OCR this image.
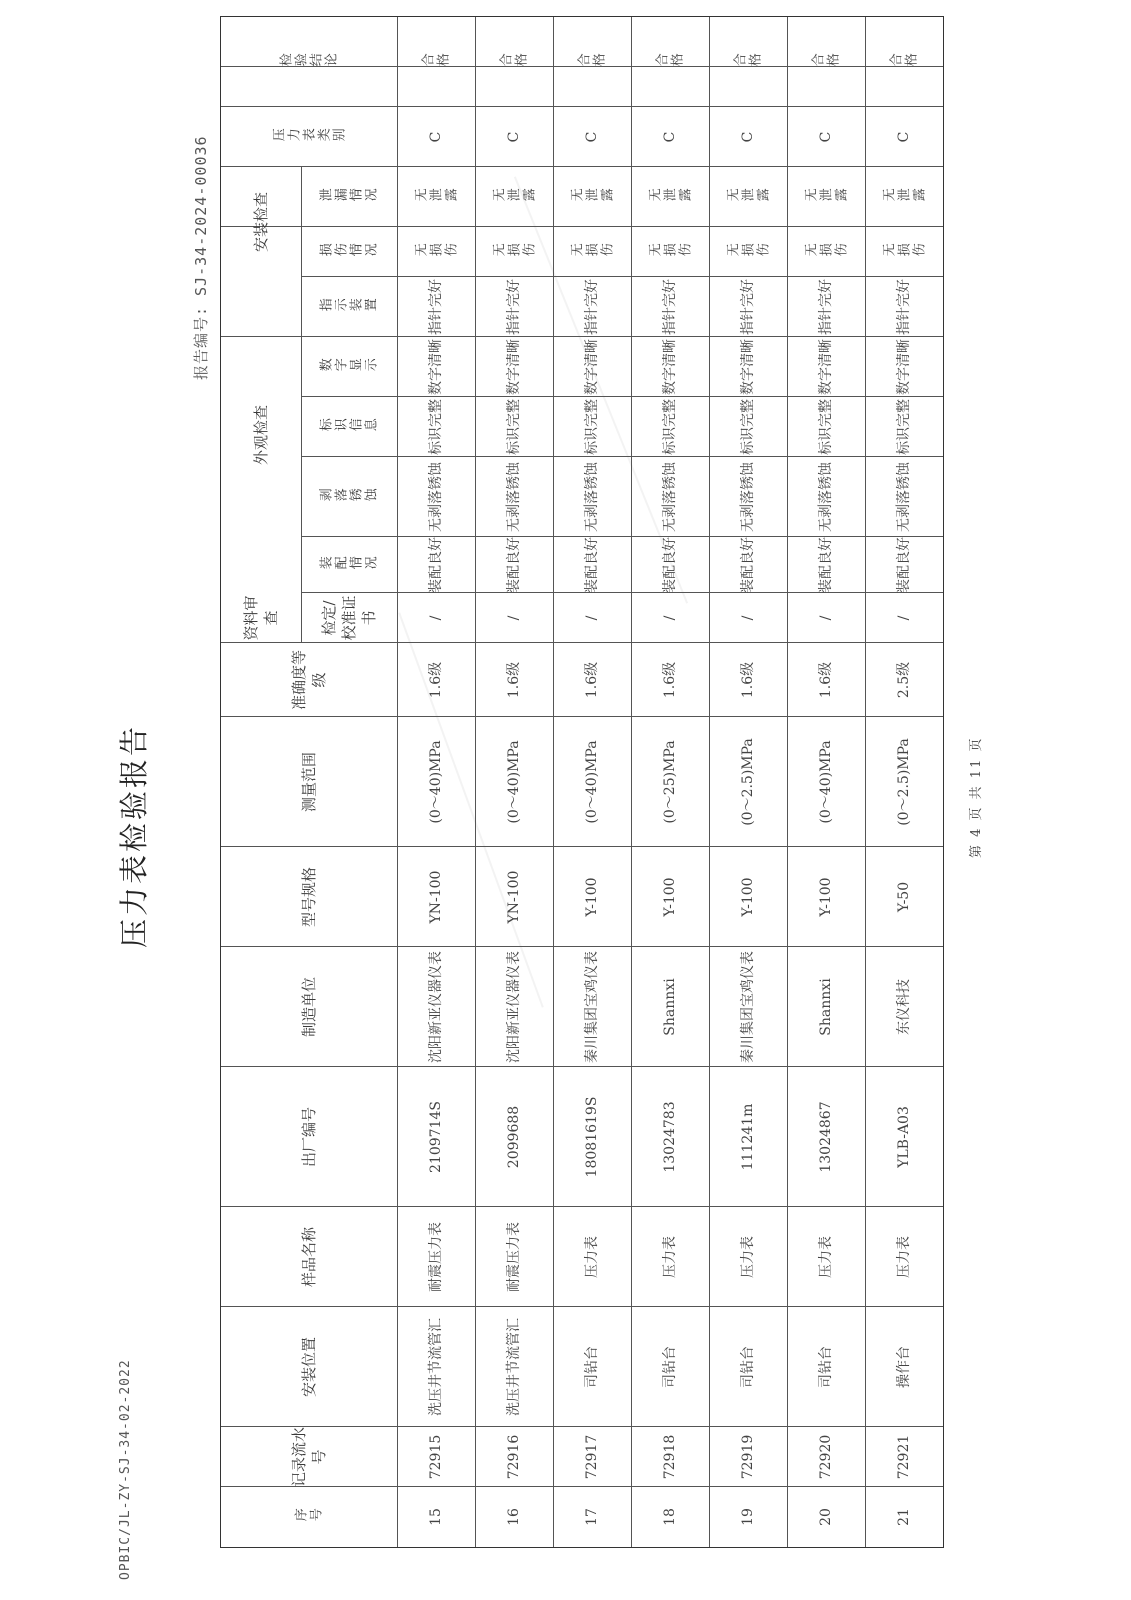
OPBIC/JL-ZY-SJ-34-02-2022
压力表检验报告
报告编号: SJ-34-2024-00036
第 4 页 共 11 页
序号
记录流水号
安装位置
样品名称
出厂编号
制造单位
型号规格
测量范围
准确度等级
资料审查	检定/校准证书
外观检查
装配情况
剥落锈蚀
标识信息
数字显示
指示装置
安装检查	损伤情况
泄漏情况
压力表类别
检验结论
15
72915
洗压井节流管汇
耐震压力表
2109714S
沈阳新亚仪器仪表
YN-100
(0～40)MPa
1.6级
/
装配良好
无剥落锈蚀
标识完整
数字清晰
指针完好
无损伤
无泄露
C
合格
16
72916
洗压井节流管汇
耐震压力表
2099688
沈阳新亚仪器仪表
YN-100
(0～40)MPa
1.6级
/
装配良好
无剥落锈蚀
标识完整
数字清晰
指针完好
无损伤
无泄露
C
合格
17
72917
司钻台
压力表
18081619S
秦川集团宝鸡仪表
Y-100
(0～40)MPa
1.6级
/
装配良好
无剥落锈蚀
标识完整
数字清晰
指针完好
无损伤
无泄露
C
合格
18
72918
司钻台
压力表
13024783
Shannxi
Y-100
(0～25)MPa
1.6级
/
装配良好
无剥落锈蚀
标识完整
数字清晰
指针完好
无损伤
无泄露
C
合格
19
72919
司钻台
压力表
111241m
秦川集团宝鸡仪表
Y-100
(0～2.5)MPa
1.6级
/
装配良好
无剥落锈蚀
标识完整
数字清晰
指针完好
无损伤
无泄露
C
合格
20
72920
司钻台
压力表
13024867
Shannxi
Y-100
(0～40)MPa
1.6级
/
装配良好
无剥落锈蚀
标识完整
数字清晰
指针完好
无损伤
无泄露
C
合格
21
72921
操作台
压力表
YLB-A03
东仪科技
Y-50
(0～2.5)MPa
2.5级
/
装配良好
无剥落锈蚀
标识完整
数字清晰
指针完好
无损伤
无泄露
C
合格
